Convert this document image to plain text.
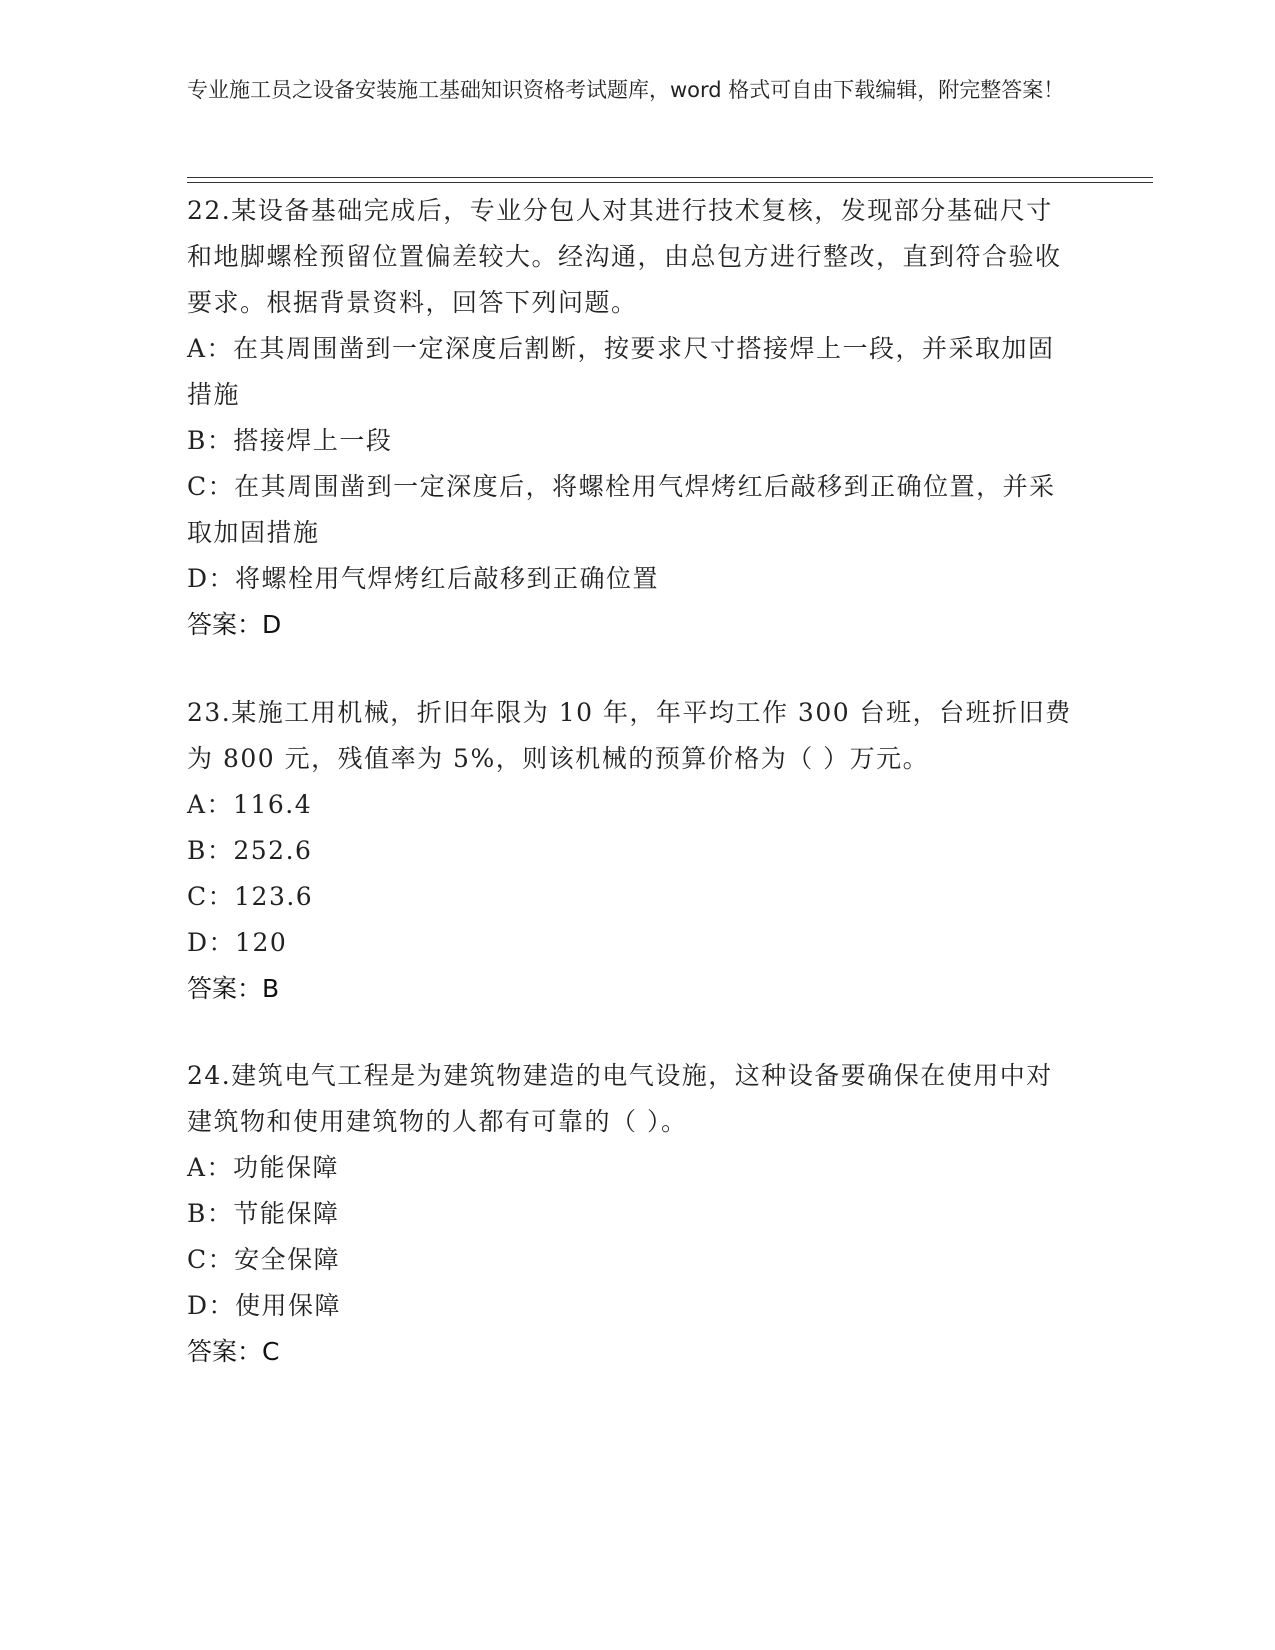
专业施工员之设备安装施工基础知识资格考试题库，word 格式可自由下载编辑，附完整答案！

22.某设备基础完成后，专业分包人对其进行技术复核，发现部分基础尺寸和地脚螺栓预留位置偏差较大。经沟通，由总包方进行整改，直到符合验收要求。根据背景资料，回答下列问题。

A：在其周围凿到一定深度后割断，按要求尺寸搭接焊上一段，并采取加固措施

B：搭接焊上一段

C：在其周围凿到一定深度后，将螺栓用气焊烤红后敲移到正确位置，并采取加固措施

D：将螺栓用气焊烤红后敲移到正确位置

答案：D

23.某施工用机械，折旧年限为 10 年，年平均工作 300 台班，台班折旧费为 800 元，残值率为 5%，则该机械的预算价格为（ ）万元。

A：116.4

B：252.6

C：123.6

D：120

答案：B

24.建筑电气工程是为建筑物建造的电气设施，这种设备要确保在使用中对建筑物和使用建筑物的人都有可靠的（ ）。

A：功能保障

B：节能保障

C：安全保障

D：使用保障

答案：C
